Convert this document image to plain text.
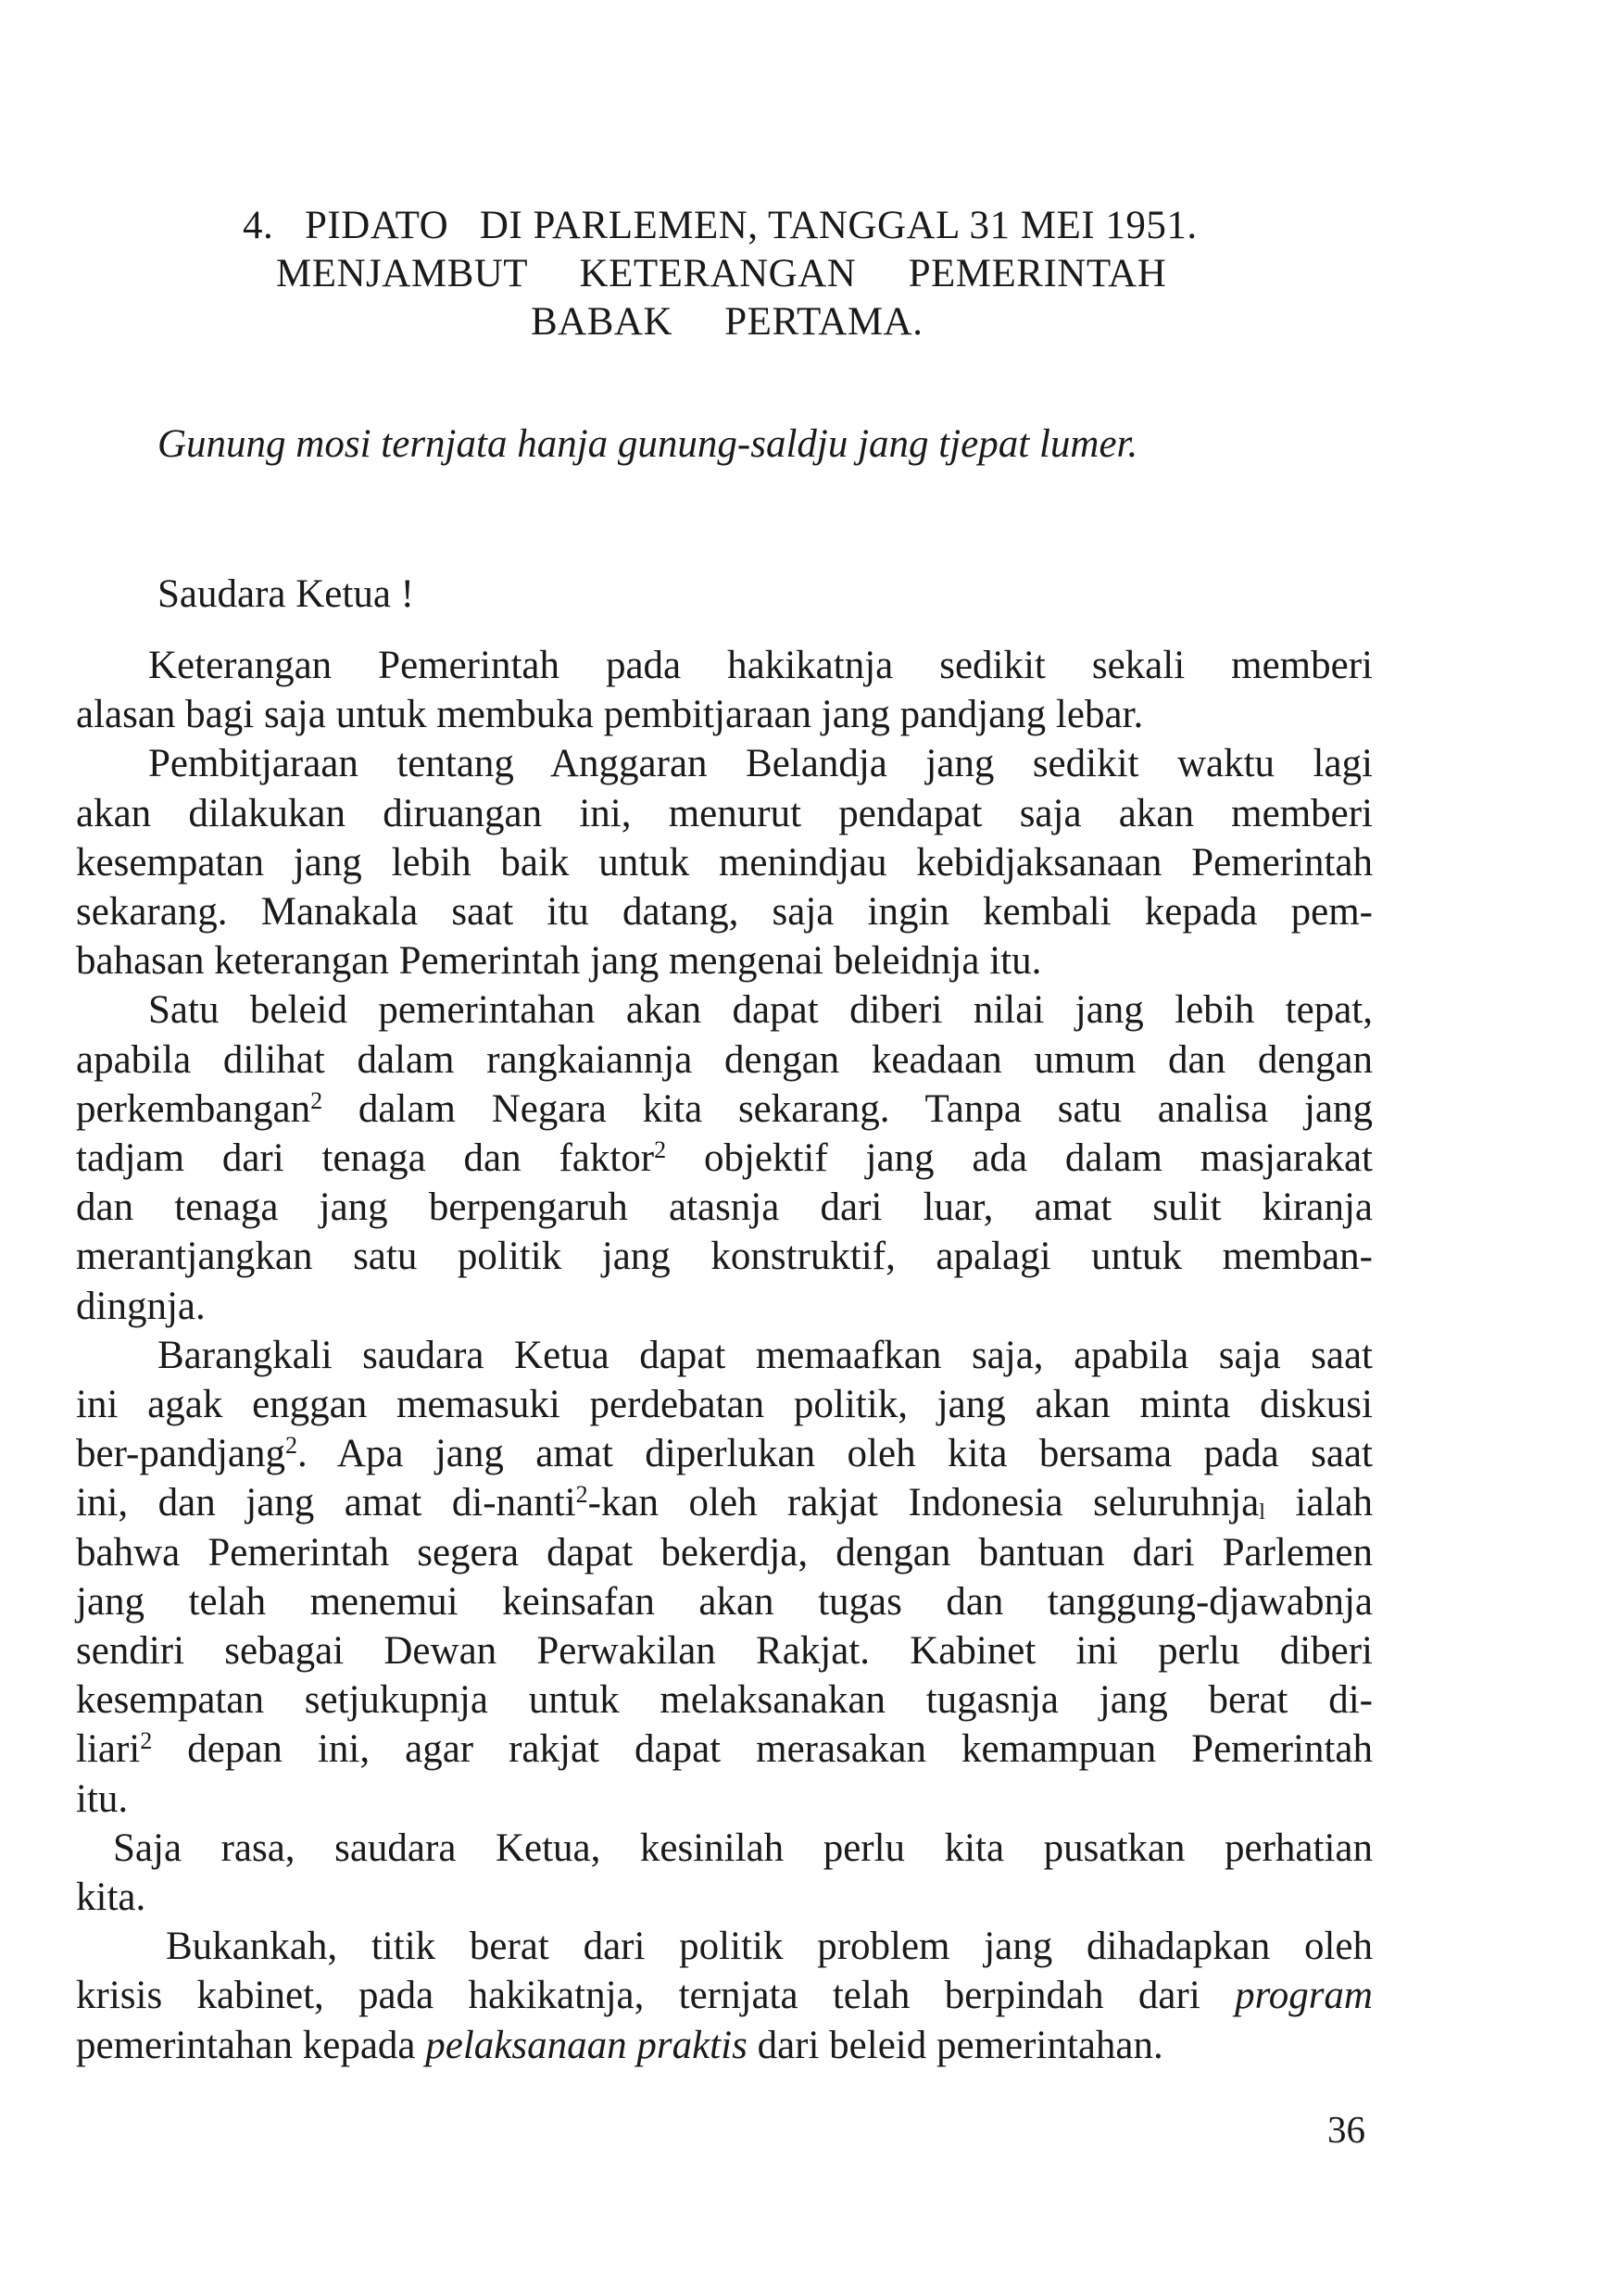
4.   PIDATO   DI PARLEMEN, TANGGAL 31 MEI 1951.
MENJAMBUT     KETERANGAN     PEMERINTAH
BABAK     PERTAMA.
Gunung mosi ternjata hanja gunung-saldju jang tjepat lumer.
Saudara Ketua !
Keterangan Pemerintah pada hakikatnja sedikit sekali memberi
alasan bagi saja untuk membuka pembitjaraan jang pandjang lebar.
Pembitjaraan tentang Anggaran Belandja jang sedikit waktu lagi
akan dilakukan diruangan ini, menurut pendapat saja akan memberi
kesempatan jang lebih baik untuk menindjau kebidjaksanaan Pemerintah
sekarang. Manakala saat itu datang, saja ingin kembali kepada pem-
bahasan keterangan Pemerintah jang mengenai beleidnja itu.
Satu beleid pemerintahan akan dapat diberi nilai jang lebih tepat,
apabila dilihat dalam rangkaiannja dengan keadaan umum dan dengan
perkembangan$^2$ dalam Negara kita sekarang. Tanpa satu analisa jang
tadjam dari tenaga dan faktor$^2$ objektif jang ada dalam masjarakat
dan tenaga jang berpengaruh atasnja dari luar, amat sulit kiranja
merantjangkan satu politik jang konstruktif, apalagi untuk memban-
dingnja.
Barangkali saudara Ketua dapat memaafkan saja, apabila saja saat
ini agak enggan memasuki perdebatan politik, jang akan minta diskusi
ber-pandjang$^2$. Apa jang amat diperlukan oleh kita bersama pada saat
ini, dan jang amat di-nanti$^2$-kan oleh rakjat Indonesia seluruhnja$_l$ ialah
bahwa Pemerintah segera dapat bekerdja, dengan bantuan dari Parlemen
jang telah menemui keinsafan akan tugas dan tanggung-djawabnja
sendiri sebagai Dewan Perwakilan Rakjat. Kabinet ini perlu diberi
kesempatan setjukupnja untuk melaksanakan tugasnja jang berat di-
liari$^2$ depan ini, agar rakjat dapat merasakan kemampuan Pemerintah
itu.
Saja rasa, saudara Ketua, kesinilah perlu kita pusatkan perhatian
kita.
Bukankah, titik berat dari politik problem jang dihadapkan oleh
krisis kabinet, pada hakikatnja, ternjata telah berpindah dari program
pemerintahan kepada pelaksanaan praktis dari beleid pemerintahan.
36
